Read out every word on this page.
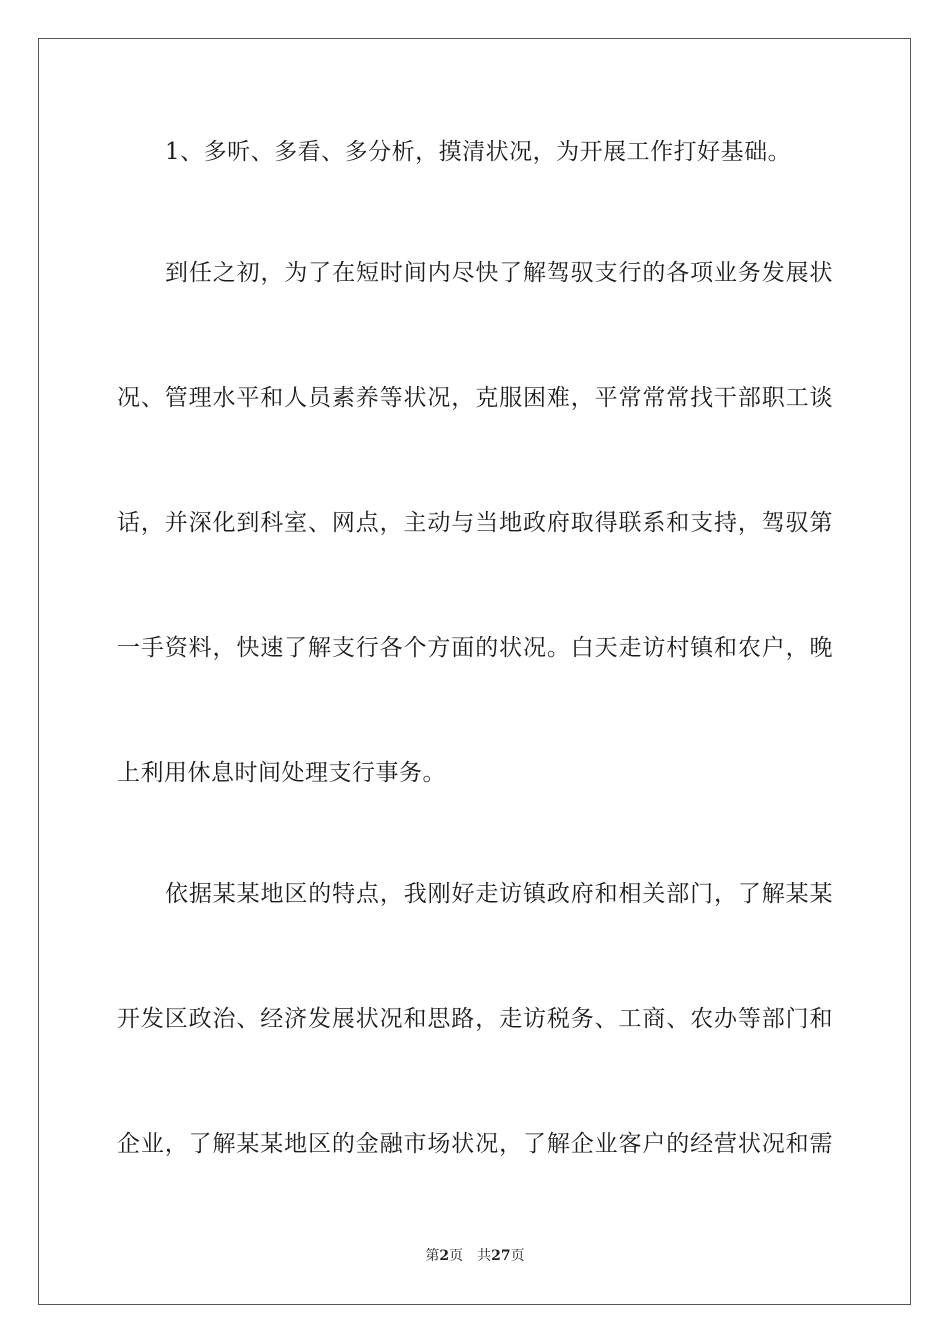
1、多听、多看、多分析，摸清状况，为开展工作打好基础。
到任之初，为了在短时间内尽快了解驾驭支行的各项业务发展状
况、管理水平和人员素养等状况，克服困难，平常常常找干部职工谈
话，并深化到科室、网点，主动与当地政府取得联系和支持，驾驭第
一手资料，快速了解支行各个方面的状况。白天走访村镇和农户，晚
上利用休息时间处理支行事务。
依据某某地区的特点，我刚好走访镇政府和相关部门，了解某某
开发区政治、经济发展状况和思路，走访税务、工商、农办等部门和
企业，了解某某地区的金融市场状况，了解企业客户的经营状况和需
第2页 共27页
